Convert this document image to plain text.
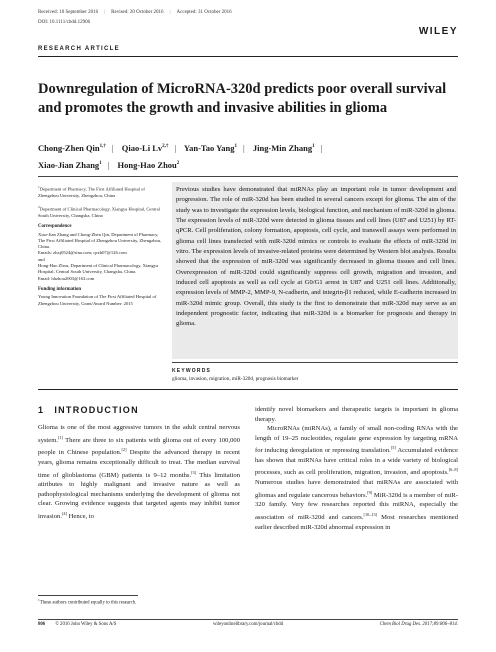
Received: 10 September 2016 | Revised: 20 October 2016 | Accepted: 31 October 2016
DOI: 10.1111/cbdd.12906
WILEY
RESEARCH ARTICLE
Downregulation of MicroRNA-320d predicts poor overall survival and promotes the growth and invasive abilities in glioma
Chong-Zhen Qin$^{1,\dagger}$ | Qiao-Li $Lv^{2,\dagger}$ | Yan-Tao Yang$^1$ | Jing-Min Zhang$^1$ |
Xiao-Jian Zhang$^1$ | Hong-Hao Zhou$^2$

$^1$Department of Pharmacy, The First Affiliated Hospital of Zhengzhou University, Zhengzhou, China

$^2$Department of Clinical Pharmacology, Xiangya Hospital, Central South University, Changsha, China

Correspondence

Xiao-Jian Zhang and Chong-Zhen Qin, Department of Pharmacy, The First Affiliated Hospital of Zhengzhou University, Zhengzhou, China.

Emails: zhxj0524@sina.com; qczh07@126.com

and

Hong-Hao Zhou, Department of Clinical Pharmacology, Xiangya Hospital, Central South University, Changsha, China.

Email: hhzhou2003@163.com

Funding information

Young Innovation Foundation of The First Affiliated Hospital of Zhengzhou University, Grant/Award Number: 2015

Previous studies have demonstrated that miRNAs play an important role in tumor development and progression. The role of miR-320d has been studied in several cancers except for glioma. The aim of the study was to investigate the expression levels, biological function, and mechanism of miR-320d in glioma. The expression levels of miR-320d were detected in glioma tissues and cell lines (U87 and U251) by RT-qPCR. Cell proliferation, colony formation, apoptosis, cell cycle, and transwell assays were performed in glioma cell lines transfected with miR-320d mimics or controls to evaluate the effects of miR-320d in vitro. The expression levels of invasive-related proteins were determined by Western blot analysis. Results showed that the expression of miR-320d was significantly decreased in glioma tissues and cell lines. Overexpression of miR-320d could significantly suppress cell growth, migration and invasion, and induced cell apoptosis as well as cell cycle at G0/G1 arrest in U87 and U251 cell lines. Additionally, expression levels of MMP-2, MMP-9, N-cadherin, and integrin-β1 reduced, while E-cadherin increased in miR-320d mimic group. Overall, this study is the first to demonstrate that miR-320d may serve as an independent prognostic factor, indicating that miR-320d is a biomarker for prognosis and therapy in glioma.
KEYWORDS
glioma, invasion, migration, miR-320d, prognosis biomarker
1 INTRODUCTION
Glioma is one of the most aggressive tumors in the adult central nervous system.[1] There are three to six patients with glioma out of every 100,000 people in Chinese population.[2] Despite the advanced therapy in recent years, glioma remains exceptionally difficult to treat. The median survival time of glioblastoma (GBM) patients is 9–12 months.[3] This limitation attributes to highly malignant and invasive nature as well as pathophysiological mechanisms underlying the development of glioma not clear. Growing evidence suggests that targeted agents may inhibit tumor invasion.[4] Hence, to
identify novel biomarkers and therapeutic targets is important in glioma therapy.
MicroRNAs (miRNAs), a family of small non-coding RNAs with the length of 19–25 nucleotides, regulate gene expression by targeting mRNA for inducing deregulation or repressing translation.[5] Accumulated evidence has shown that miRNAs have critical roles in a wide variety of biological processes, such as cell proliferation, migration, invasion, and apoptosis.[6–8] Numerous studies have demonstrated that miRNAs are associated with gliomas and regulate cancerous behaviors.[9] MiR-320d is a member of miR-320 family. Very few researches reported this miRNA, especially the association of miR-320d and cancers.[10–13] Most researches mentioned earlier described miR-320d abnormal expression in
†These authors contributed equally to this research.
806 © 2016 John Wiley & Sons A/S	wileyonlinelibrary.com/journal/cbdd	Chem Biol Drug Des. 2017;89:806–814.
